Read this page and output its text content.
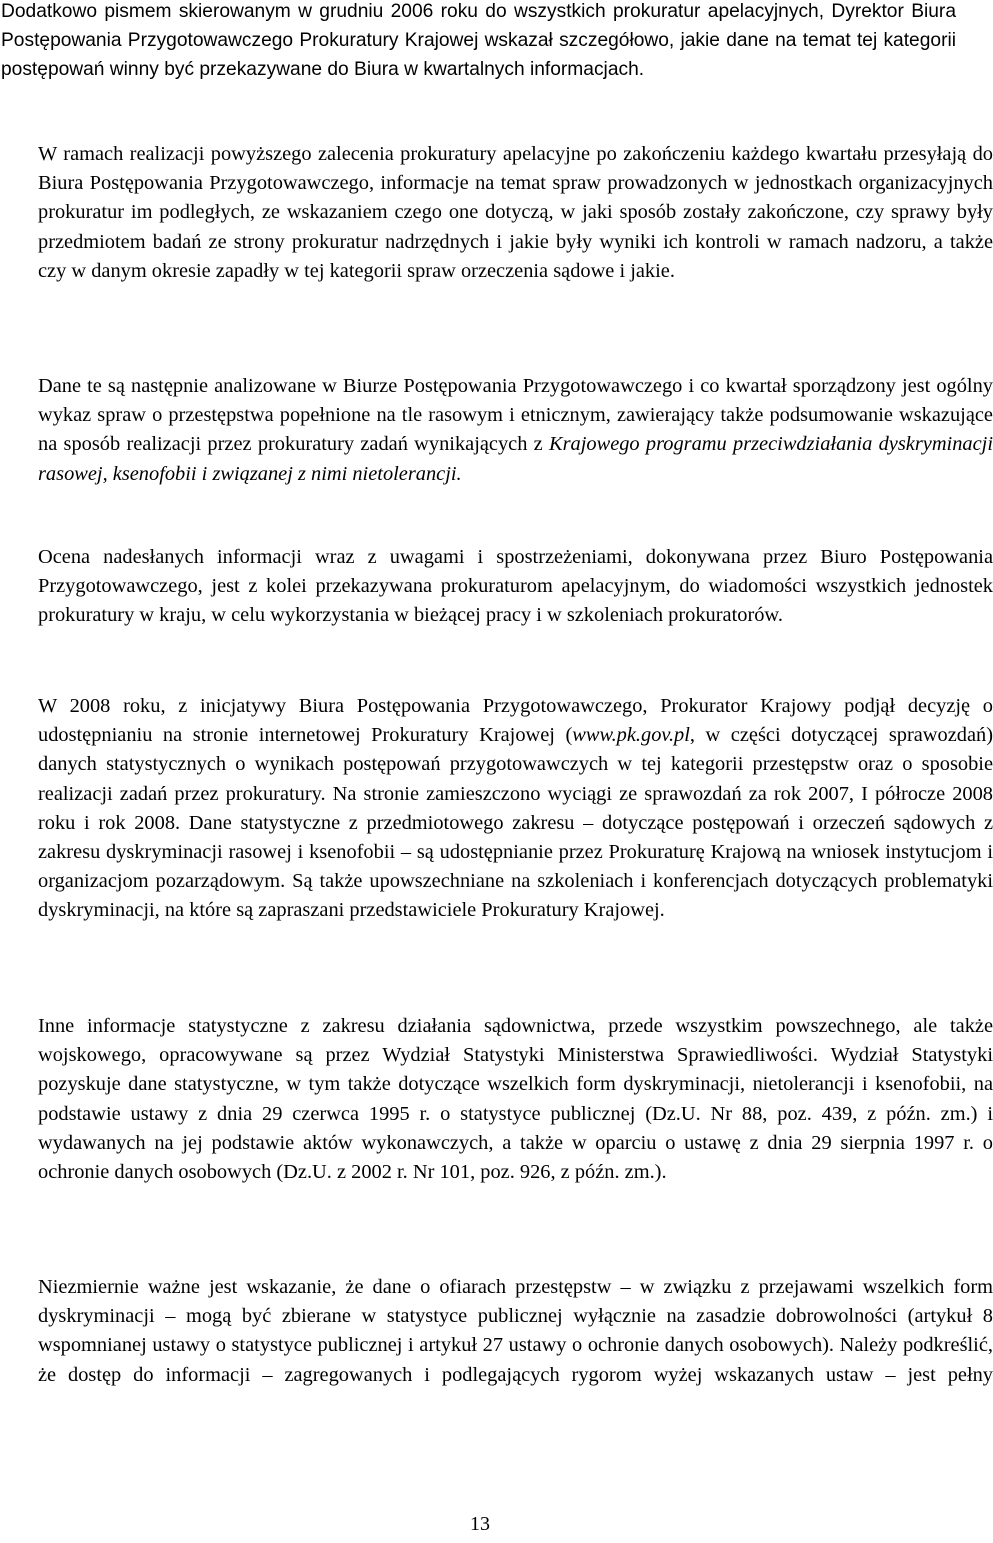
Dodatkowo pismem skierowanym w grudniu 2006 roku do wszystkich prokuratur apelacyjnych, Dyrektor Biura Postępowania Przygotowawczego Prokuratury Krajowej wskazał szczegółowo, jakie dane na temat tej kategorii postępowań winny być przekazywane do Biura w kwartalnych informacjach.

W ramach realizacji powyższego zalecenia prokuratury apelacyjne po zakończeniu każdego kwartału przesyłają do Biura Postępowania Przygotowawczego, informacje na temat spraw prowadzonych w jednostkach organizacyjnych prokuratur im podległych, ze wskazaniem czego one dotyczą, w jaki sposób zostały zakończone, czy sprawy były przedmiotem badań ze strony prokuratur nadrzędnych i jakie były wyniki ich kontroli w ramach nadzoru, a także czy w danym okresie zapadły w tej kategorii spraw orzeczenia sądowe i jakie.

Dane te są następnie analizowane w Biurze Postępowania Przygotowawczego i co kwartał sporządzony jest ogólny wykaz spraw o przestępstwa popełnione na tle rasowym i etnicznym, zawierający także podsumowanie wskazujące na sposób realizacji przez prokuratury zadań wynikających z Krajowego programu przeciwdziałania dyskryminacji rasowej, ksenofobii i związanej z nimi nietolerancji.

Ocena nadesłanych informacji wraz z uwagami i spostrzeżeniami, dokonywana przez Biuro Postępowania Przygotowawczego, jest z kolei przekazywana prokuraturom apelacyjnym, do wiadomości wszystkich jednostek prokuratury w kraju, w celu wykorzystania w bieżącej pracy i w szkoleniach prokuratorów.

W 2008 roku, z inicjatywy Biura Postępowania Przygotowawczego, Prokurator Krajowy podjął decyzję o udostępnianiu na stronie internetowej Prokuratury Krajowej (www.pk.gov.pl, w części dotyczącej sprawozdań) danych statystycznych o wynikach postępowań przygotowawczych w tej kategorii przestępstw oraz o sposobie realizacji zadań przez prokuratury. Na stronie zamieszczono wyciągi ze sprawozdań za rok 2007, I półrocze 2008 roku i rok 2008. Dane statystyczne z przedmiotowego zakresu – dotyczące postępowań i orzeczeń sądowych z zakresu dyskryminacji rasowej i ksenofobii – są udostępnianie przez Prokuraturę Krajową na wniosek instytucjom i organizacjom pozarządowym. Są także upowszechniane na szkoleniach i konferencjach dotyczących problematyki dyskryminacji, na które są zapraszani przedstawiciele Prokuratury Krajowej.

Inne informacje statystyczne z zakresu działania sądownictwa, przede wszystkim powszechnego, ale także wojskowego, opracowywane są przez Wydział Statystyki Ministerstwa Sprawiedliwości. Wydział Statystyki pozyskuje dane statystyczne, w tym także dotyczące wszelkich form dyskryminacji, nietolerancji i ksenofobii, na podstawie ustawy z dnia 29 czerwca 1995 r. o statystyce publicznej (Dz.U. Nr 88, poz. 439, z późn. zm.) i wydawanych na jej podstawie aktów wykonawczych, a także w oparciu o ustawę z dnia 29 sierpnia 1997 r. o ochronie danych osobowych (Dz.U. z 2002 r. Nr 101, poz. 926, z późn. zm.).

Niezmiernie ważne jest wskazanie, że dane o ofiarach przestępstw – w związku z przejawami wszelkich form dyskryminacji – mogą być zbierane w statystyce publicznej wyłącznie na zasadzie dobrowolności (artykuł 8 wspomnianej ustawy o statystyce publicznej i artykuł 27 ustawy o ochronie danych osobowych). Należy podkreślić, że dostęp do informacji – zagregowanych i podlegających rygorom wyżej wskazanych ustaw – jest pełny

13
